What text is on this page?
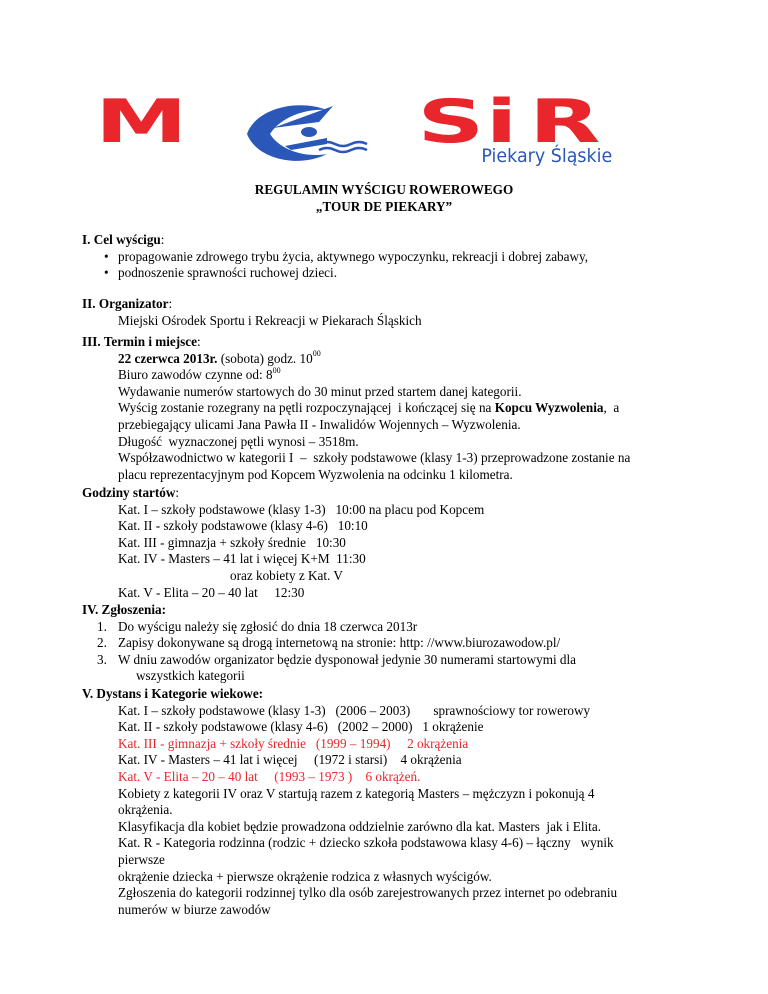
M	S i R
Piekary Śląskie
REGULAMIN WYŚCIGU ROWEROWEGO
„TOUR DE PIEKARY”
I. Cel wyścigu:
• propagowanie zdrowego trybu życia, aktywnego wypoczynku, rekreacji i dobrej zabawy,
• podnoszenie sprawności ruchowej dzieci.
II. Organizator:
Miejski Ośrodek Sportu i Rekreacji w Piekarach Śląskich
III. Termin i miejsce:
22 czerwca 2013r. (sobota) godz. $10^{00}$
Biuro zawodów czynne od: $8^{00}$
Wydawanie numerów startowych do 30 minut przed startem danej kategorii.
Wyścig zostanie rozegrany na pętli rozpoczynającej  i kończącej się na Kopcu Wyzwolenia,  a
przebiegający ulicami Jana Pawła II - Inwalidów Wojennych – Wyzwolenia.
Długość  wyznaczonej pętli wynosi – 3518m.
Współzawodnictwo w kategorii I  –  szkoły podstawowe (klasy 1-3) przeprowadzone zostanie na
placu reprezentacyjnym pod Kopcem Wyzwolenia na odcinku 1 kilometra.
Godziny startów:
Kat. I – szkoły podstawowe (klasy 1-3)   10:00 na placu pod Kopcem
Kat. II - szkoły podstawowe (klasy 4-6)   10:10
Kat. III - gimnazja + szkoły średnie   10:30
Kat. IV - Masters – 41 lat i więcej K+M  11:30
oraz kobiety z Kat. V
Kat. V - Elita – 20 – 40 lat     12:30
IV. Zgłoszenia:
1. Do wyścigu należy się zgłosić do dnia 18 czerwca 2013r
2. Zapisy dokonywane są drogą internetową na stronie: http: //www.biurozawodow.pl/
3. W dniu zawodów organizator będzie dysponował jedynie 30 numerami startowymi dla
wszystkich kategorii
V. Dystans i Kategorie wiekowe:
Kat. I – szkoły podstawowe (klasy 1-3)   (2006 – 2003)       sprawnościowy tor rowerowy
Kat. II - szkoły podstawowe (klasy 4-6)   (2002 – 2000)   1 okrążenie
Kat. III - gimnazja + szkoły średnie   (1999 – 1994)     2 okrążenia
Kat. IV - Masters – 41 lat i więcej     (1972 i starsi)    4 okrążenia
Kat. V - Elita – 20 – 40 lat     (1993 – 1973 )    6 okrążeń.
Kobiety z kategorii IV oraz V startują razem z kategorią Masters – mężczyzn i pokonują 4
okrążenia.
Klasyfikacja dla kobiet będzie prowadzona oddzielnie zarówno dla kat. Masters  jak i Elita.
Kat. R - Kategoria rodzinna (rodzic + dziecko szkoła podstawowa klasy 4-6) – łączny   wynik
pierwsze
okrążenie dziecka + pierwsze okrążenie rodzica z własnych wyścigów.
Zgłoszenia do kategorii rodzinnej tylko dla osób zarejestrowanych przez internet po odebraniu
numerów w biurze zawodów
